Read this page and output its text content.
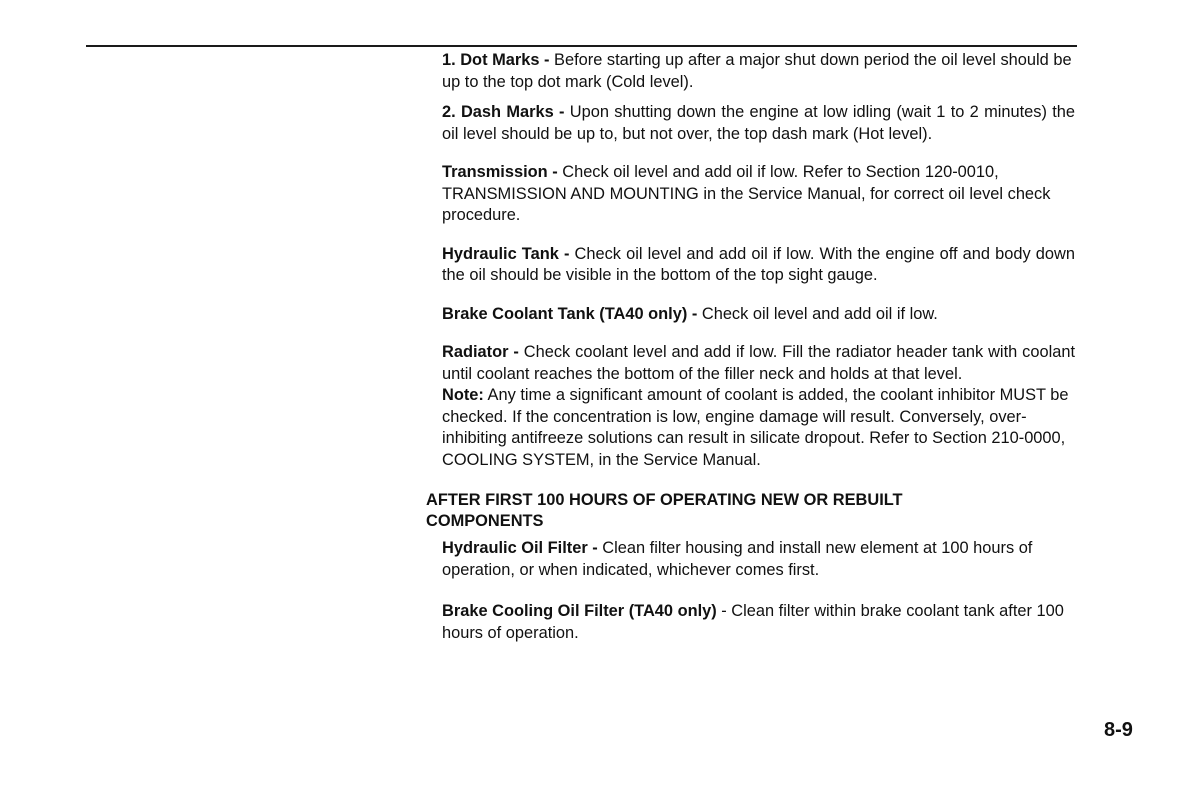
1. Dot Marks - Before starting up after a major shut down period the oil level should be up to the top dot mark (Cold level).

2. Dash Marks - Upon shutting down the engine at low idling (wait 1 to 2 minutes) the oil level should be up to, but not over, the top dash mark (Hot level).

Transmission - Check oil level and add oil if low. Refer to Section 120-0010, TRANSMISSION AND MOUNTING in the Service Manual, for correct oil level check procedure.

Hydraulic Tank - Check oil level and add oil if low. With the engine off and body down the oil should be visible in the bottom of the top sight gauge.

Brake Coolant Tank (TA40 only) - Check oil level and add oil if low.

Radiator - Check coolant level and add if low. Fill the radiator header tank with coolant until coolant reaches the bottom of the filler neck and holds at that level.

Note: Any time a significant amount of coolant is added, the coolant inhibitor MUST be checked. If the concentration is low, engine damage will result. Conversely, over-inhibiting antifreeze solutions can result in silicate dropout. Refer to Section 210-0000, COOLING SYSTEM, in the Service Manual.

AFTER FIRST 100 HOURS OF OPERATING NEW OR REBUILT COMPONENTS

Hydraulic Oil Filter - Clean filter housing and install new element at 100 hours of operation, or when indicated, whichever comes first.

Brake Cooling Oil Filter (TA40 only) - Clean filter within brake coolant tank after 100 hours of operation.

8-9
